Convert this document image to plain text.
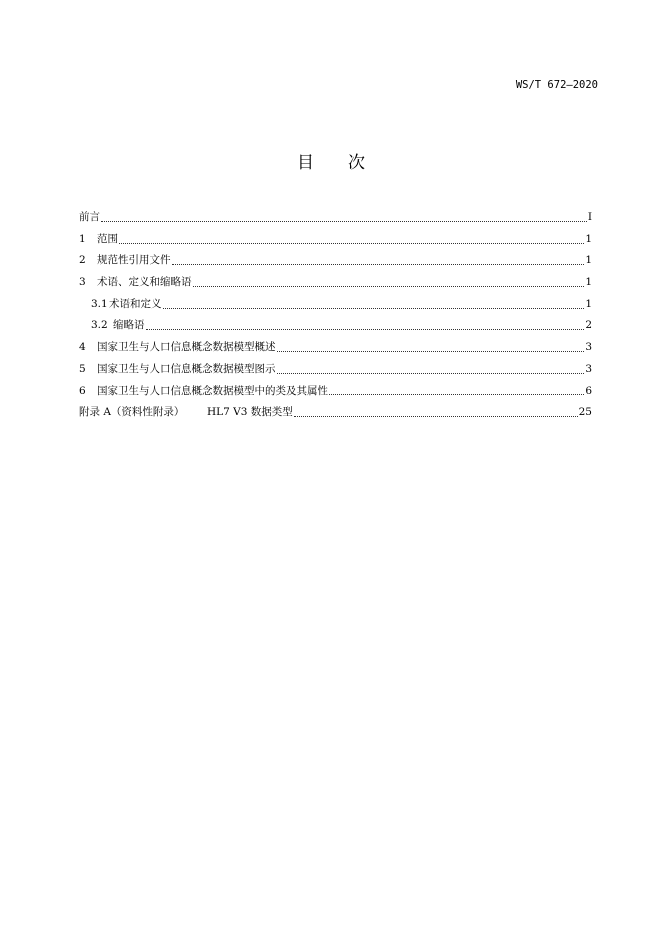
WS/T 672—2020
目 次
前言	I
1	范围	1
2	规范性引用文件	1
3	术语、定义和缩略语	1
3.1 术语和定义	1
3.2 缩略语	2
4	国家卫生与人口信息概念数据模型概述	3
5	国家卫生与人口信息概念数据模型图示	3
6	国家卫生与人口信息概念数据模型中的类及其属性	6
附录 A（资料性附录）	HL7 V3 数据类型	25
